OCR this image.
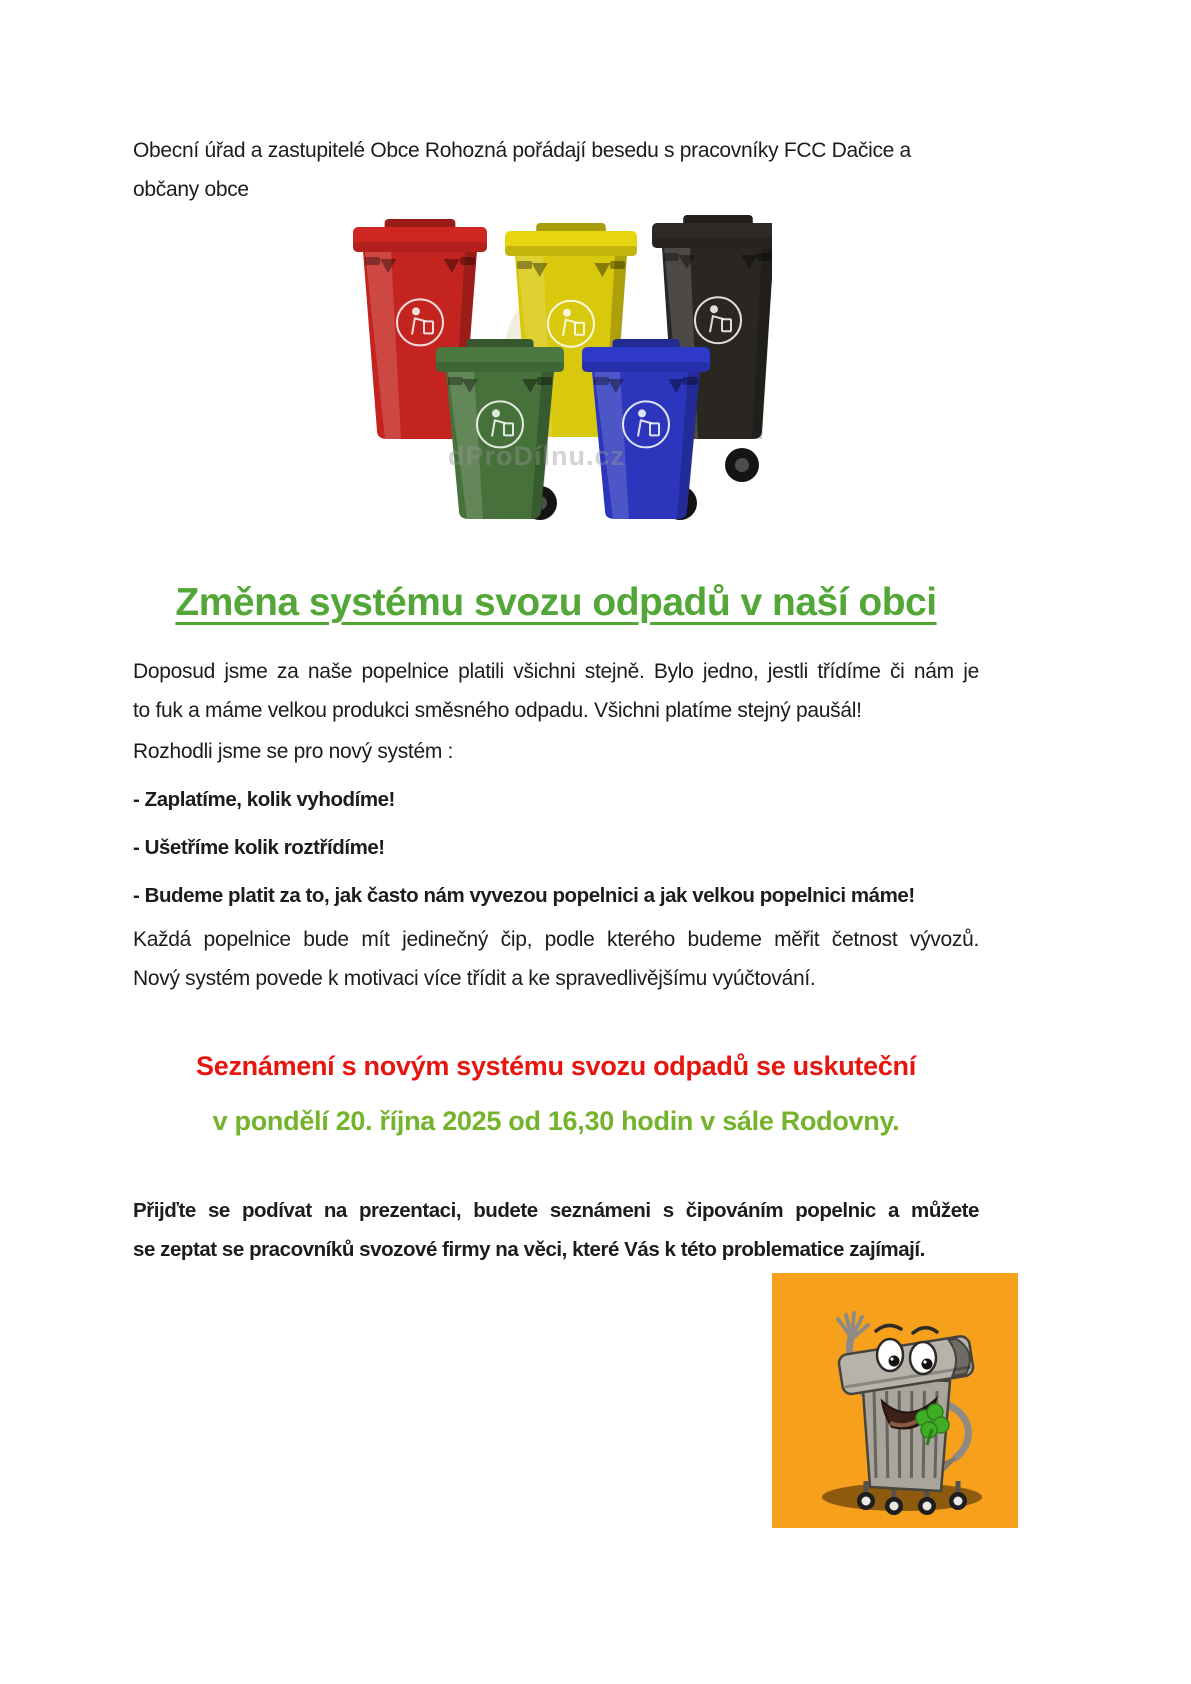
Obecní úřad a zastupitelé Obce Rohozná pořádají besedu s pracovníky FCC Dačice a
občany obce
dProDílnu.cz
Změna systému svozu odpadů v naší obci
Doposud jsme za naše popelnice platili všichni stejně. Bylo jedno, jestli třídíme či nám je
to fuk a máme velkou produkci směsného odpadu. Všichni platíme stejný paušál!
Rozhodli jsme se pro nový systém :
- Zaplatíme, kolik vyhodíme!
- Ušetříme kolik roztřídíme!
- Budeme platit za to, jak často nám vyvezou popelnici a jak velkou popelnici máme!
Každá popelnice bude mít jedinečný čip, podle kterého budeme měřit četnost vývozů.
Nový systém povede k motivaci více třídit a ke spravedlivějšímu vyúčtování.
Seznámení s novým systému svozu odpadů se uskuteční
v pondělí 20. října 2025 od 16,30 hodin v sále Rodovny.
Přijďte se podívat na prezentaci, budete seznámeni s čipováním popelnic a můžete
se zeptat se pracovníků svozové firmy na věci, které Vás k této problematice zajímají.
